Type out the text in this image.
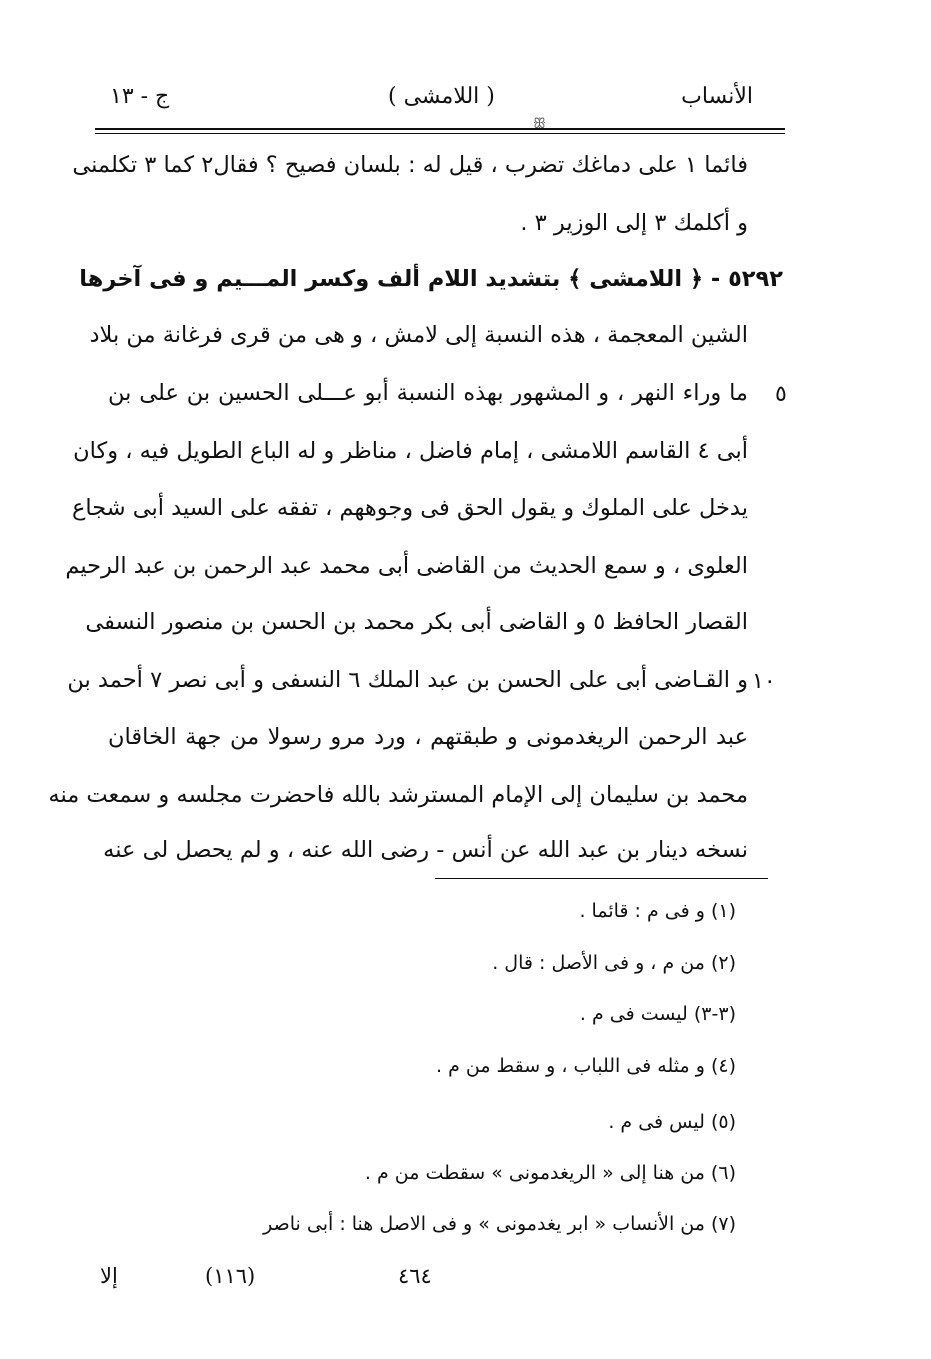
الأنساب
( اللامشى )
ج - ١٣
ꕥ
فائما ١ على دماغك تضرب ، قيل له : بلسان فصيح ؟ فقال٢ كما ٣ تكلمنى
و أكلمك ٣ إلى الوزير ٣ .
٥٢٩٢ - ﴿ اللامشى ﴾ بتشديد اللام ألف وكسر المـــيم و فى آخرها
الشين المعجمة ، هذه النسبة إلى لامش ، و هى من قرى فرغانة من بلاد
ما وراء النهر ، و المشهور بهذه النسبة أبو عـــلى الحسين بن على بن ٥
أبى ٤ القاسم اللامشى ، إمام فاضل ، مناظر و له الباع الطويل فيه ، وكان
يدخل على الملوك و يقول الحق فى وجوههم ، تفقه على السيد أبى شجاع
العلوى ، و سمع الحديث من القاضى أبى محمد عبد الرحمن بن عبد الرحيم
القصار الحافظ ٥ و القاضى أبى بكر محمد بن الحسن بن منصور النسفى
و القـاضى أبى على الحسن بن عبد الملك ٦ النسفى و أبى نصر ٧ أحمد بن ١٠
عبد الرحمن الريغدمونى و طبقتهم ، ورد مرو رسولا من جهة الخاقان
محمد بن سليمان إلى الإمام المسترشد بالله فاحضرت مجلسه و سمعت منه
نسخه دينار بن عبد الله عن أنس - رضى الله عنه ، و لم يحصل لى عنه
(١) و فى م : قائما .
(٢) من م ، و فى الأصل : قال .
(٣-٣) ليست فى م .
(٤) و مثله فى اللباب ، و سقط من م .
(٥) ليس فى م .
(٦) من هنا إلى « الريغدمونى » سقطت من م .
(٧) من الأنساب « ابر يغدمونى » و فى الاصل هنا : أبى ناصر
إلا	(١١٦)	٤٦٤
